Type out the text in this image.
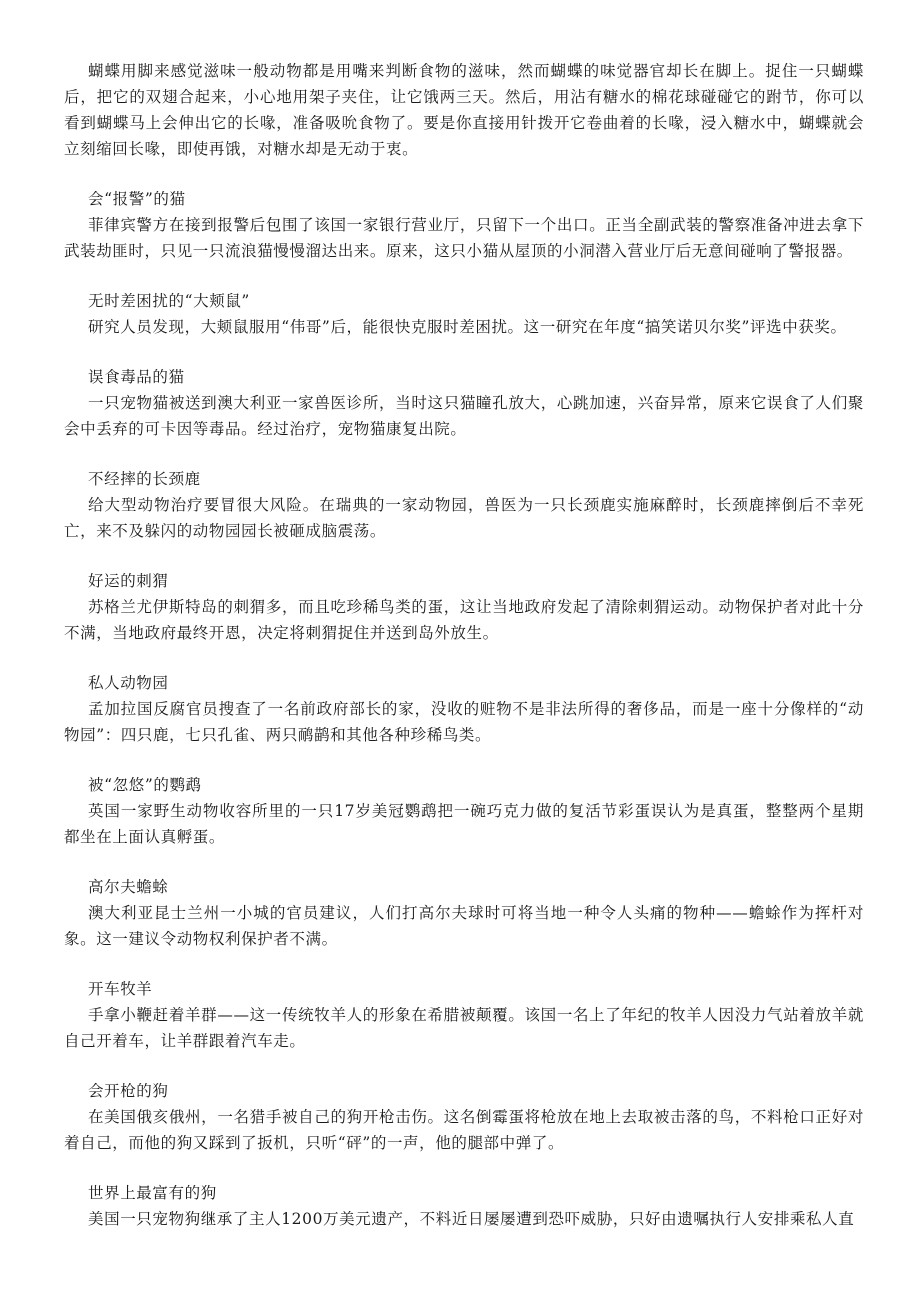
蝴蝶用脚来感觉滋味一般动物都是用嘴来判断食物的滋味，然而蝴蝶的味觉器官却长在脚上。捉住一只蝴蝶后，把它的双翅合起来，小心地用架子夹住，让它饿两三天。然后，用沾有糖水的棉花球碰碰它的跗节，你可以看到蝴蝶马上会伸出它的长喙，准备吸吮食物了。要是你直接用针拨开它卷曲着的长喙，浸入糖水中，蝴蝶就会立刻缩回长喙，即使再饿，对糖水却是无动于衷。

会“报警”的猫

菲律宾警方在接到报警后包围了该国一家银行营业厅，只留下一个出口。正当全副武装的警察准备冲进去拿下武装劫匪时，只见一只流浪猫慢慢溜达出来。原来，这只小猫从屋顶的小洞潜入营业厅后无意间碰响了警报器。

无时差困扰的“大颊鼠”

研究人员发现，大颊鼠服用“伟哥”后，能很快克服时差困扰。这一研究在年度“搞笑诺贝尔奖”评选中获奖。

误食毒品的猫

一只宠物猫被送到澳大利亚一家兽医诊所，当时这只猫瞳孔放大，心跳加速，兴奋异常，原来它误食了人们聚会中丢弃的可卡因等毒品。经过治疗，宠物猫康复出院。

不经摔的长颈鹿

给大型动物治疗要冒很大风险。在瑞典的一家动物园，兽医为一只长颈鹿实施麻醉时，长颈鹿摔倒后不幸死亡，来不及躲闪的动物园园长被砸成脑震荡。

好运的刺猬

苏格兰尤伊斯特岛的刺猬多，而且吃珍稀鸟类的蛋，这让当地政府发起了清除刺猬运动。动物保护者对此十分不满，当地政府最终开恩，决定将刺猬捉住并送到岛外放生。

私人动物园

孟加拉国反腐官员搜查了一名前政府部长的家，没收的赃物不是非法所得的奢侈品，而是一座十分像样的“动物园”：四只鹿，七只孔雀、两只鸸鹋和其他各种珍稀鸟类。

被“忽悠”的鹦鹉

英国一家野生动物收容所里的一只17岁美冠鹦鹉把一碗巧克力做的复活节彩蛋误认为是真蛋，整整两个星期都坐在上面认真孵蛋。

高尔夫蟾蜍

澳大利亚昆士兰州一小城的官员建议，人们打高尔夫球时可将当地一种令人头痛的物种——蟾蜍作为挥杆对象。这一建议令动物权利保护者不满。

开车牧羊

手拿小鞭赶着羊群——这一传统牧羊人的形象在希腊被颠覆。该国一名上了年纪的牧羊人因没力气站着放羊就自己开着车，让羊群跟着汽车走。

会开枪的狗

在美国俄亥俄州，一名猎手被自己的狗开枪击伤。这名倒霉蛋将枪放在地上去取被击落的鸟，不料枪口正好对着自己，而他的狗又踩到了扳机，只听“砰”的一声，他的腿部中弹了。

世界上最富有的狗

美国一只宠物狗继承了主人1200万美元遗产，不料近日屡屡遭到恐吓威胁，只好由遗嘱执行人安排乘私人直
